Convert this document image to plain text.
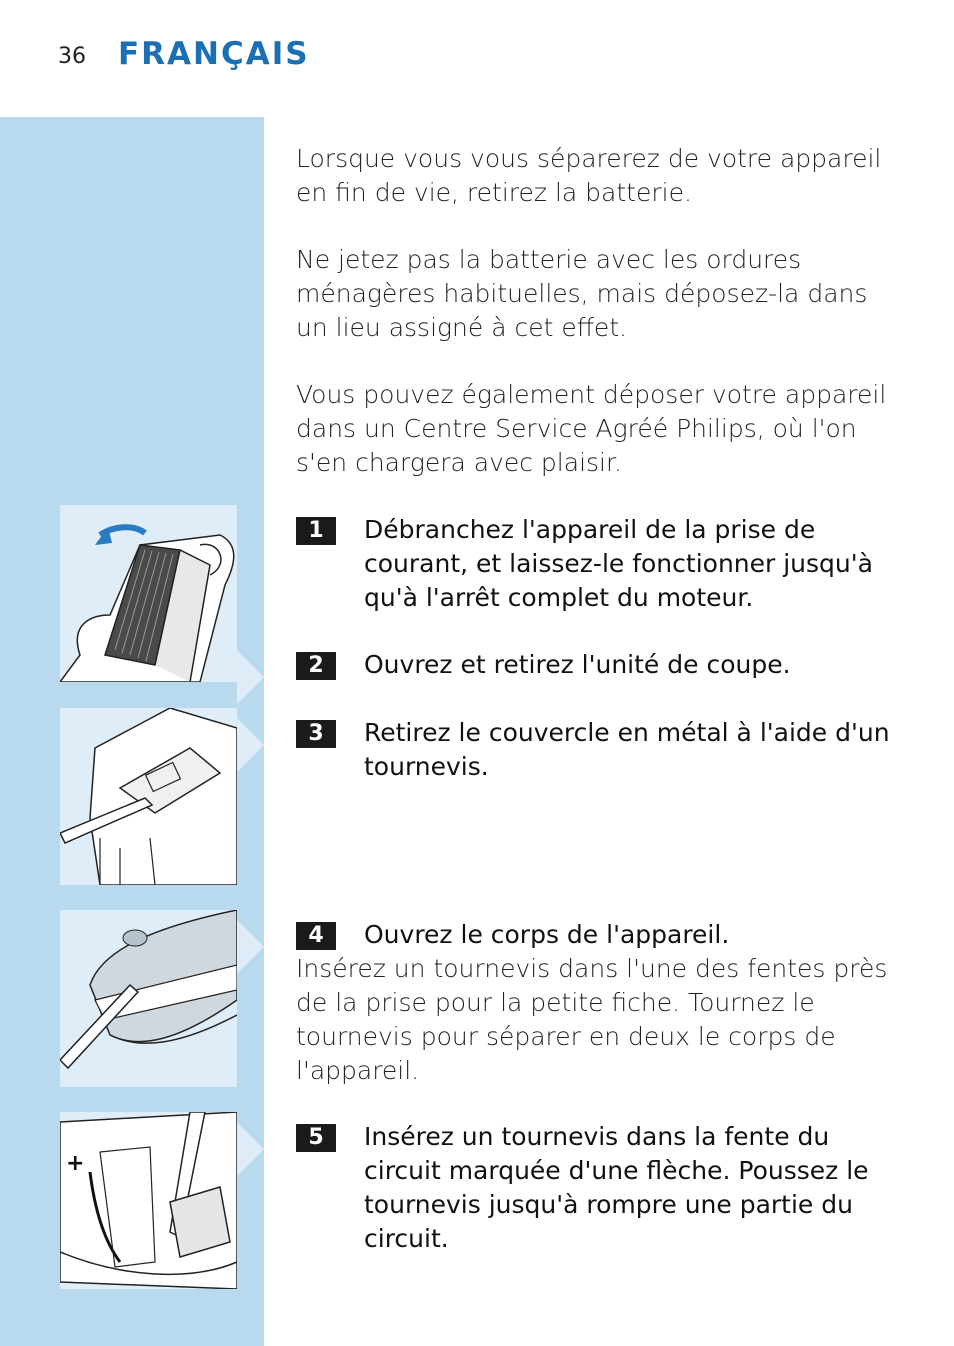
36 FRANÇAIS
+

Lorsque vous vous séparerez de votre appareil en fin de vie, retirez la batterie.

Ne jetez pas la batterie avec les ordures ménagères habituelles, mais déposez-la dans un lieu assigné à cet effet.

Vous pouvez également déposer votre appareil dans un Centre Service Agréé Philips, où l'on s'en chargera avec plaisir.

1	Débranchez l'appareil de la prise de courant, et laissez-le fonctionner jusqu'à qu'à l'arrêt complet du moteur.
2	Ouvrez et retirez l'unité de coupe.
3	Retirez le couvercle en métal à l'aide d'un tournevis.
4	Ouvrez le corps de l'appareil.

Insérez un tournevis dans l'une des fentes près de la prise pour la petite fiche. Tournez le tournevis pour séparer en deux le corps de l'appareil.

5	Insérez un tournevis dans la fente du circuit marquée d'une flèche. Poussez le tournevis jusqu'à rompre une partie du circuit.
